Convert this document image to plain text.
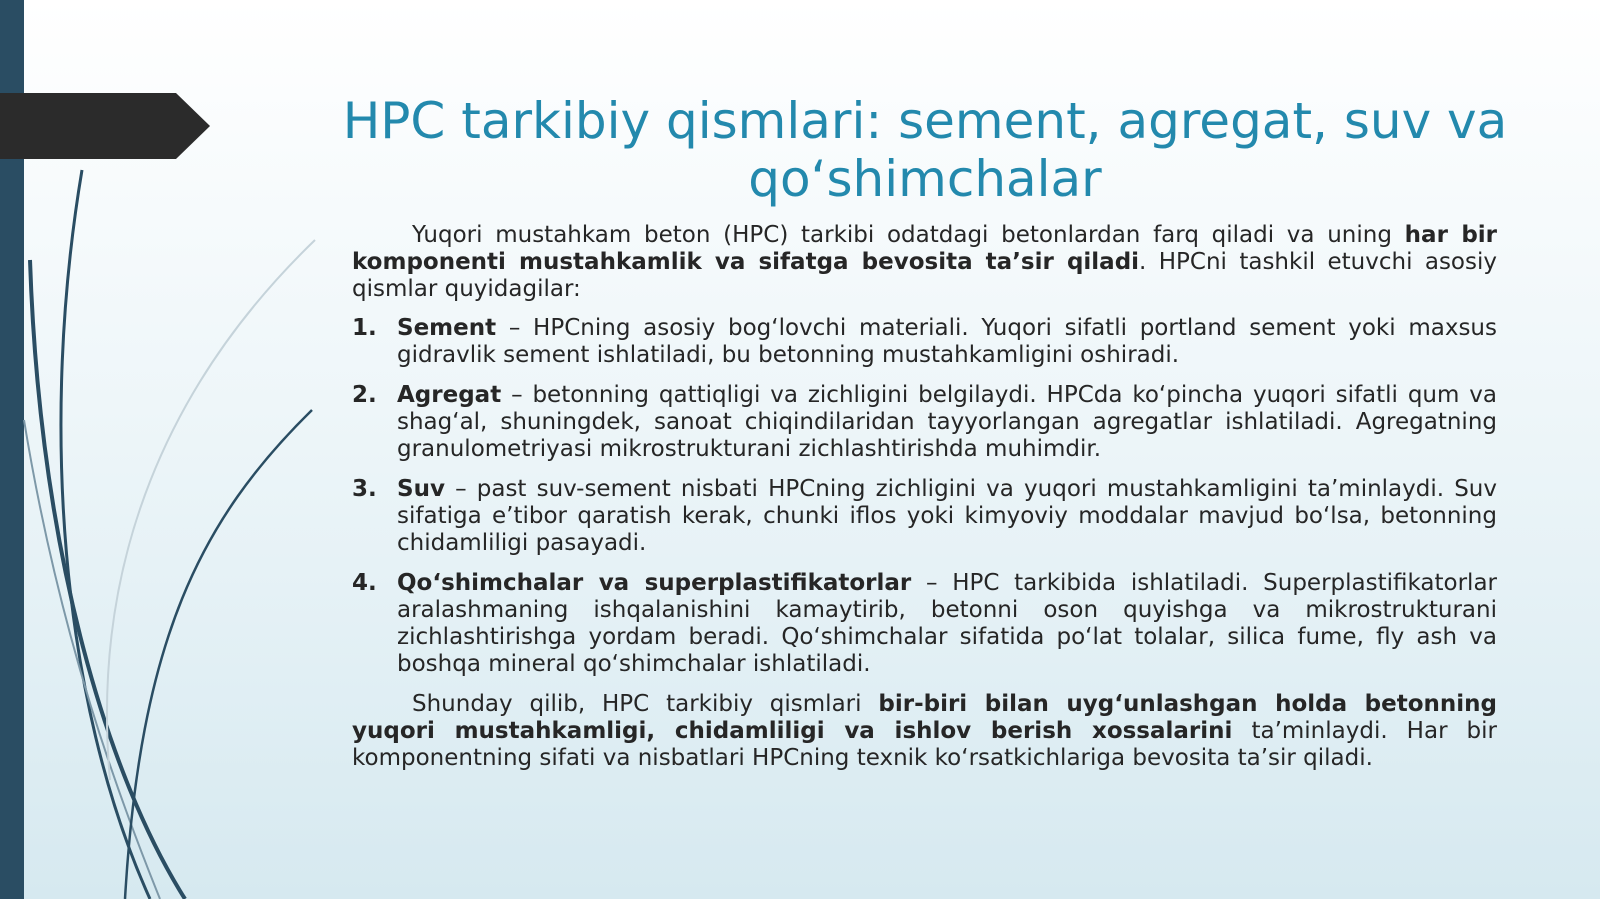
HPC tarkibiy qismlari: sement, agregat, suv va qo‘shimchalar

Yuqori mustahkam beton (HPC) tarkibi odatdagi betonlardan farq qiladi va uning har bir komponenti mustahkamlik va sifatga bevosita ta’sir qiladi. HPCni tashkil etuvchi asosiy qismlar quyidagilar:

1. Sement – HPCning asosiy bog‘lovchi materiali. Yuqori sifatli portland sement yoki maxsus gidravlik sement ishlatiladi, bu betonning mustahkamligini oshiradi.
2. Agregat – betonning qattiqligi va zichligini belgilaydi. HPCda ko‘pincha yuqori sifatli qum va shag‘al, shuningdek, sanoat chiqindilaridan tayyorlangan agregatlar ishlatiladi. Agregatning granulometriyasi mikrostrukturani zichlashtirishda muhimdir.
3. Suv – past suv-sement nisbati HPCning zichligini va yuqori mustahkamligini ta’minlaydi. Suv sifatiga e’tibor qaratish kerak, chunki iflos yoki kimyoviy moddalar mavjud bo‘lsa, betonning chidamliligi pasayadi.
4. Qo‘shimchalar va superplastifikatorlar – HPC tarkibida ishlatiladi. Superplastifikatorlar aralashmaning ishqalanishini kamaytirib, betonni oson quyishga va mikrostrukturani zichlashtirishga yordam beradi. Qo‘shimchalar sifatida po‘lat tolalar, silica fume, fly ash va boshqa mineral qo‘shimchalar ishlatiladi.

Shunday qilib, HPC tarkibiy qismlari bir-biri bilan uyg‘unlashgan holda betonning yuqori mustahkamligi, chidamliligi va ishlov berish xossalarini ta’minlaydi. Har bir komponentning sifati va nisbatlari HPCning texnik ko‘rsatkichlariga bevosita ta’sir qiladi.
